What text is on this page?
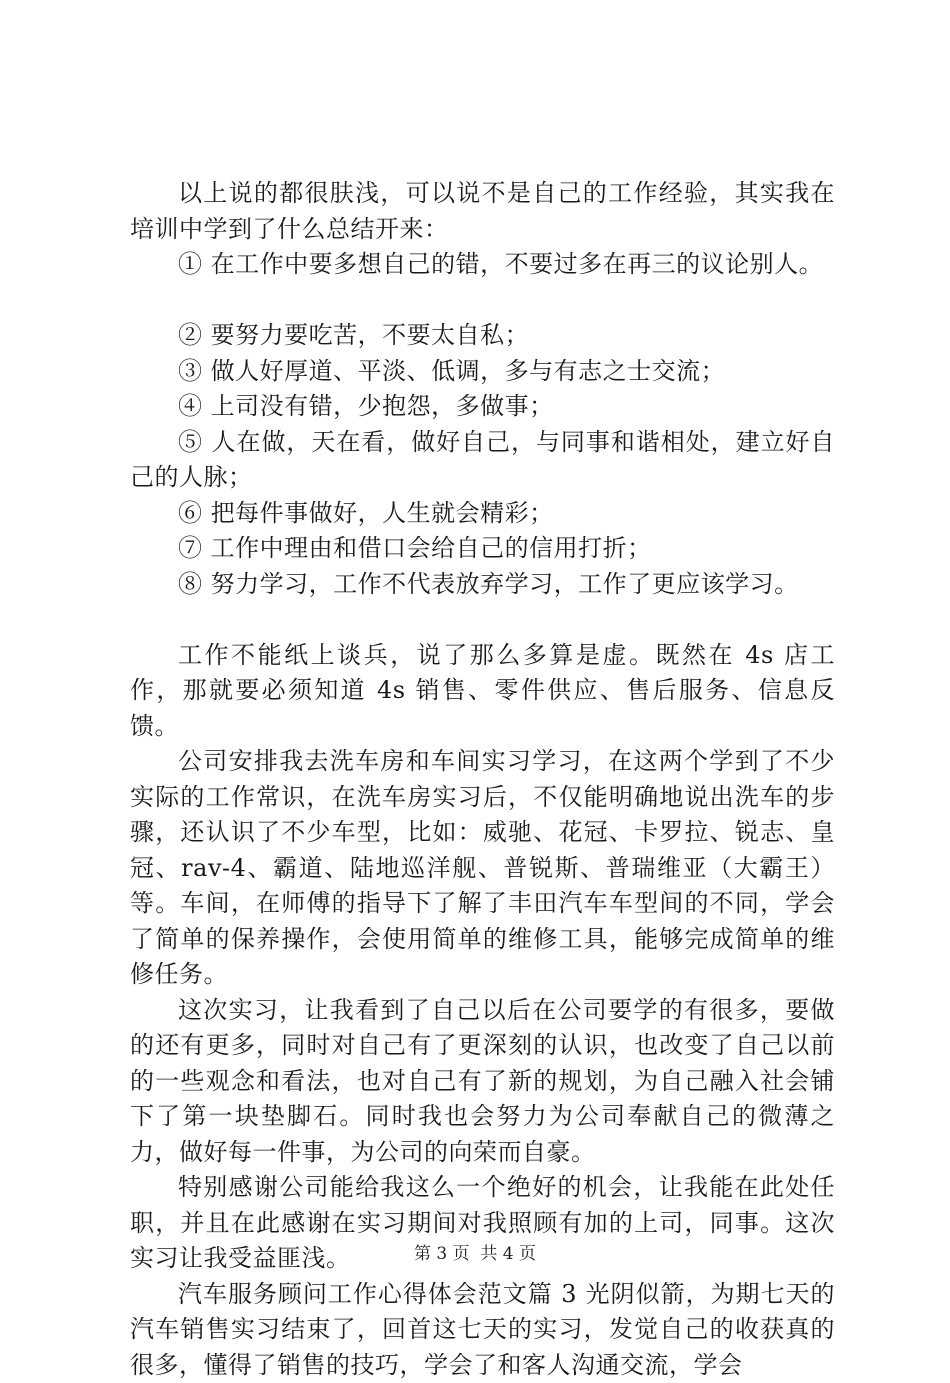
以上说的都很肤浅，可以说不是自己的工作经验，其实我在培训中学到了什么总结开来：

① 在工作中要多想自己的错，不要过多在再三的议论别人。

② 要努力要吃苦，不要太自私；

③ 做人好厚道、平淡、低调，多与有志之士交流；

④ 上司没有错，少抱怨，多做事；

⑤ 人在做，天在看，做好自己，与同事和谐相处，建立好自己的人脉；

⑥ 把每件事做好，人生就会精彩；

⑦ 工作中理由和借口会给自己的信用打折；

⑧ 努力学习，工作不代表放弃学习，工作了更应该学习。

工作不能纸上谈兵，说了那么多算是虚。既然在 4s 店工作，那就要必须知道 4s 销售、零件供应、售后服务、信息反馈。

公司安排我去洗车房和车间实习学习，在这两个学到了不少实际的工作常识，在洗车房实习后，不仅能明确地说出洗车的步骤，还认识了不少车型，比如：威驰、花冠、卡罗拉、锐志、皇冠、rav-4、霸道、陆地巡洋舰、普锐斯、普瑞维亚（大霸王）等。车间，在师傅的指导下了解了丰田汽车车型间的不同，学会了简单的保养操作，会使用简单的维修工具，能够完成简单的维修任务。

这次实习，让我看到了自己以后在公司要学的有很多，要做的还有更多，同时对自己有了更深刻的认识，也改变了自己以前的一些观念和看法，也对自己有了新的规划，为自己融入社会铺下了第一块垫脚石。同时我也会努力为公司奉献自己的微薄之力，做好每一件事，为公司的向荣而自豪。

特别感谢公司能给我这么一个绝好的机会，让我能在此处任职，并且在此感谢在实习期间对我照顾有加的上司，同事。这次实习让我受益匪浅。

汽车服务顾问工作心得体会范文篇 3 光阴似箭，为期七天的汽车销售实习结束了，回首这七天的实习，发觉自己的收获真的很多，懂得了销售的技巧，学会了和客人沟通交流，学会

第 3 页  共 4 页
